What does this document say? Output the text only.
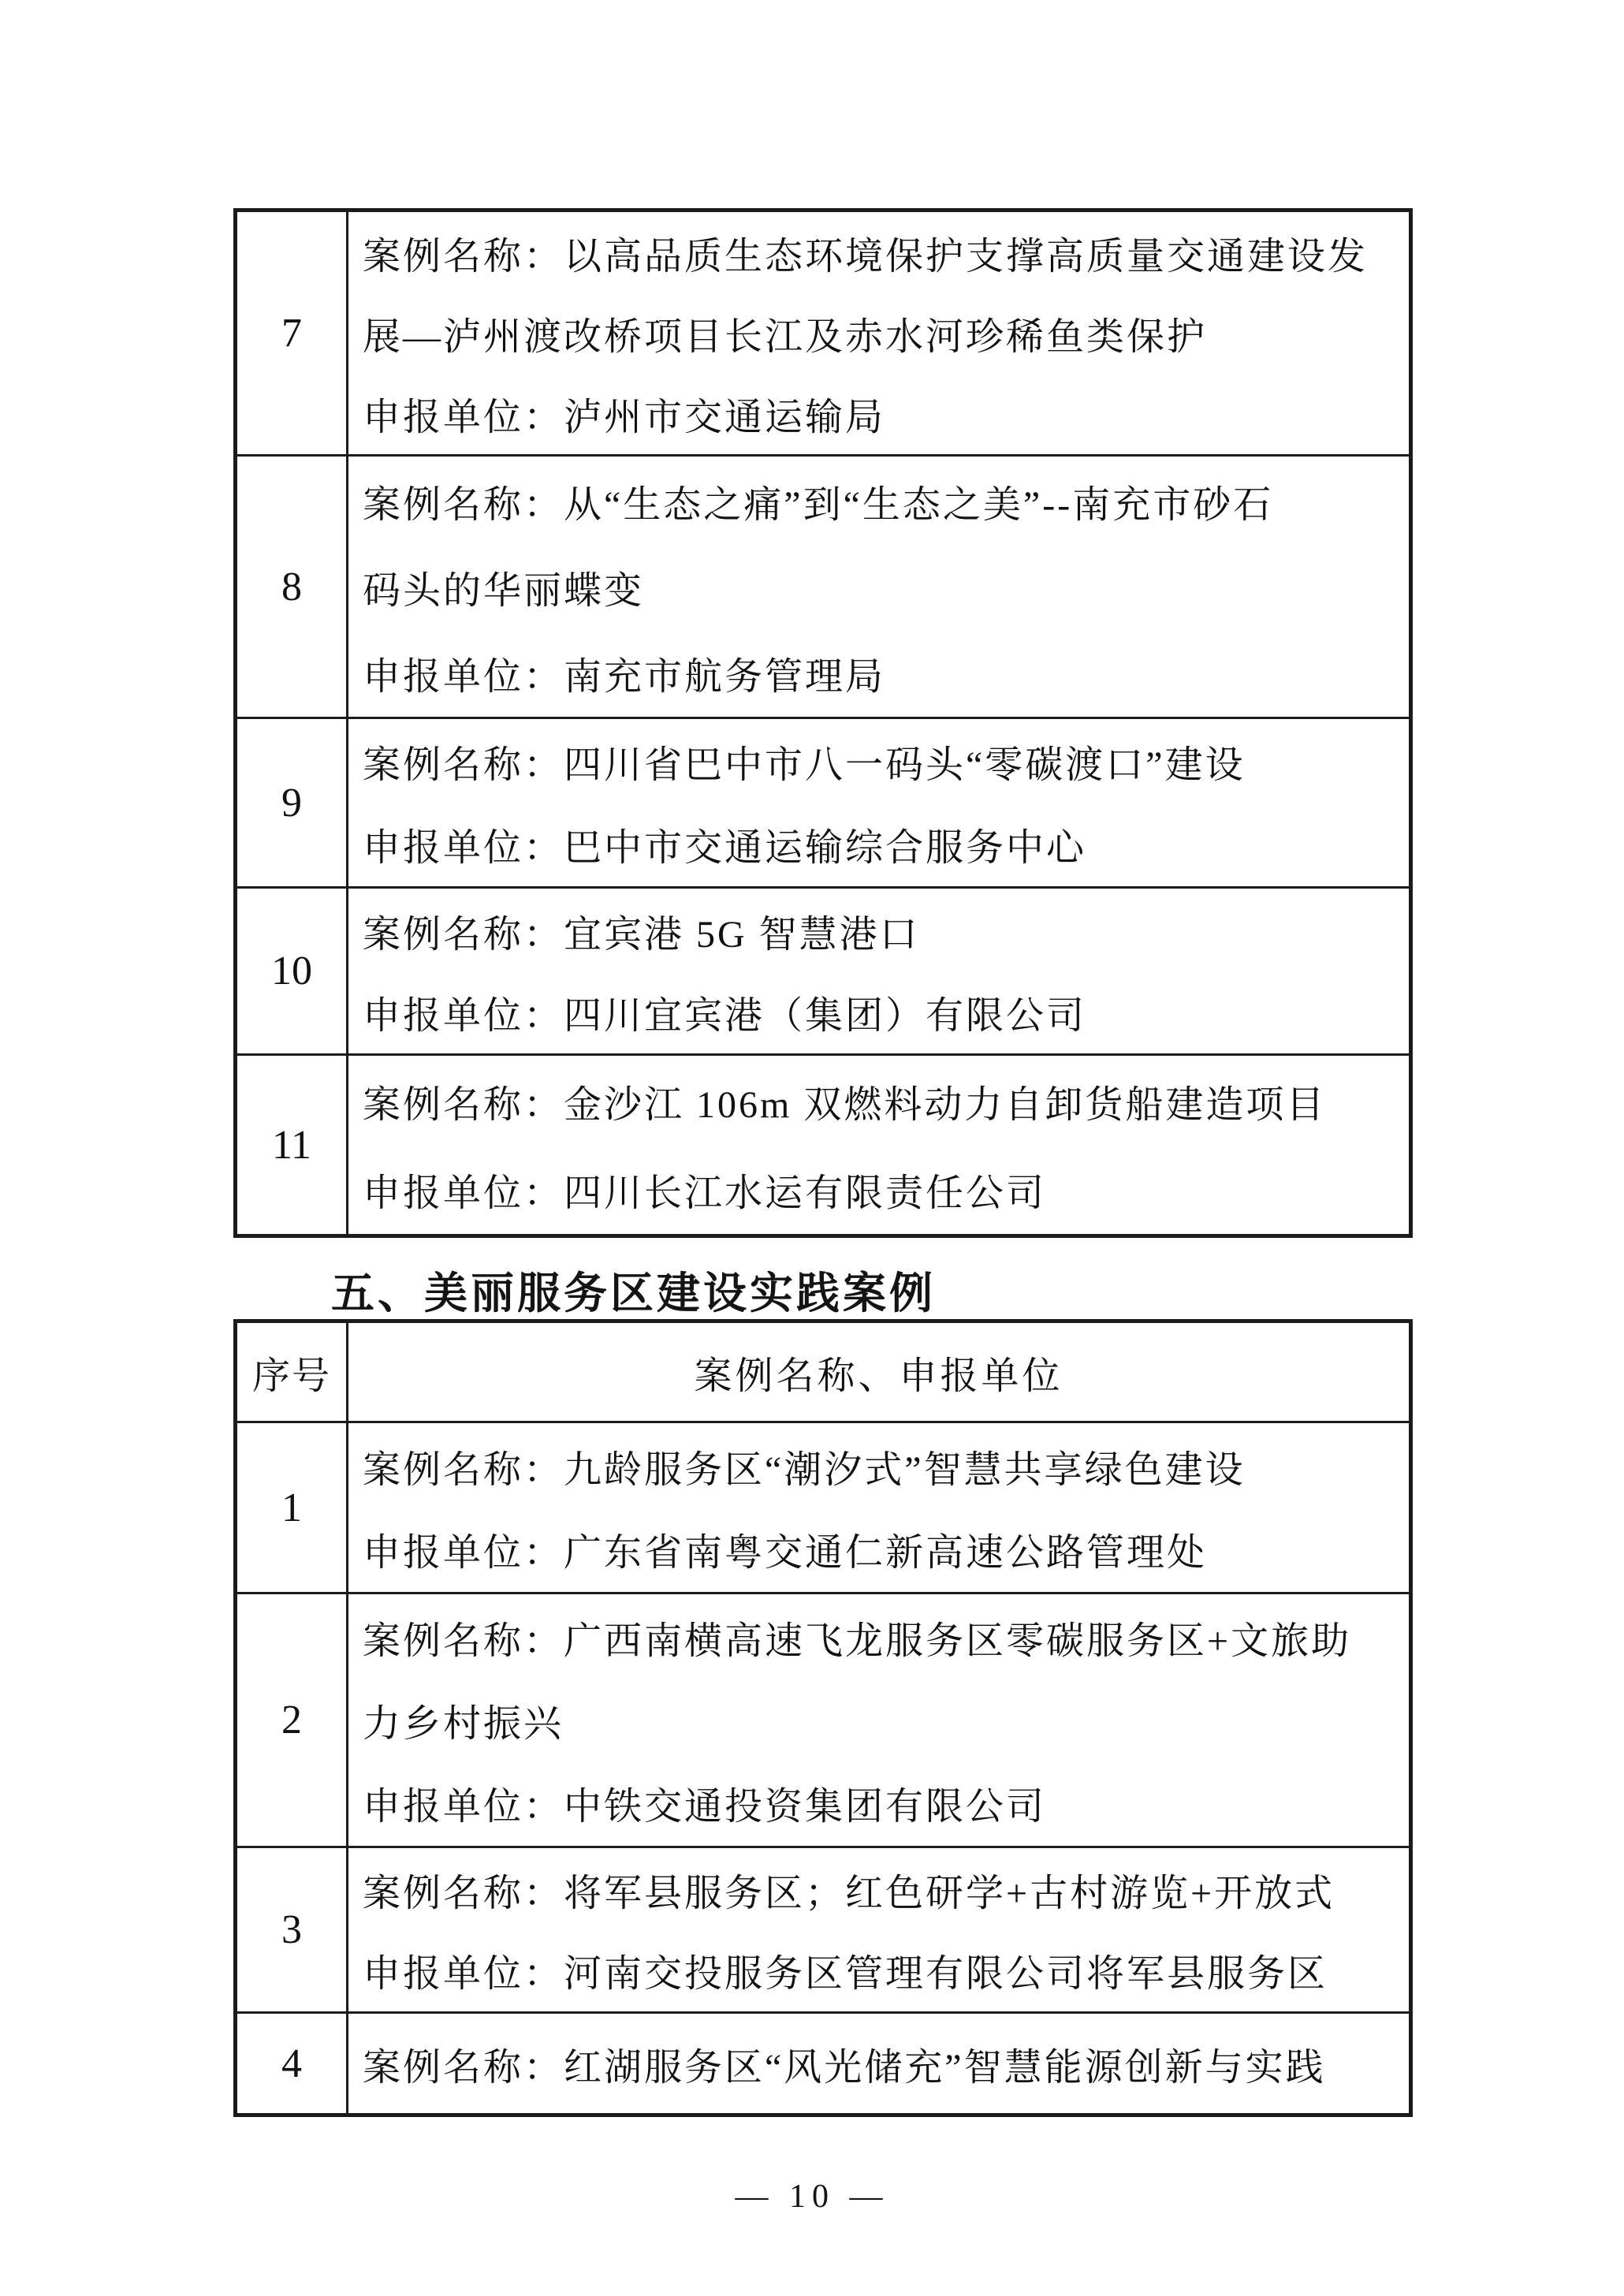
7	案例名称：以高品质生态环境保护支撑高质量交通建设发
展—泸州渡改桥项目长江及赤水河珍稀鱼类保护
申报单位：泸州市交通运输局

8	案例名称：从“生态之痛”到“生态之美”--南充市砂石
码头的华丽蝶变
申报单位：南充市航务管理局

9	案例名称：四川省巴中市八一码头“零碳渡口”建设
申报单位：巴中市交通运输综合服务中心

10	案例名称：宜宾港 5G 智慧港口
申报单位：四川宜宾港（集团）有限公司

11	案例名称：金沙江 106m 双燃料动力自卸货船建造项目
申报单位：四川长江水运有限责任公司
五、美丽服务区建设实践案例
序号	案例名称、申报单位
1	案例名称：九龄服务区“潮汐式”智慧共享绿色建设
申报单位：广东省南粤交通仁新高速公路管理处

2	案例名称：广西南横高速飞龙服务区零碳服务区+文旅助
力乡村振兴
申报单位：中铁交通投资集团有限公司

3	案例名称：将军县服务区；红色研学+古村游览+开放式
申报单位：河南交投服务区管理有限公司将军县服务区

4	案例名称：红湖服务区“风光储充”智慧能源创新与实践
— 10 —
